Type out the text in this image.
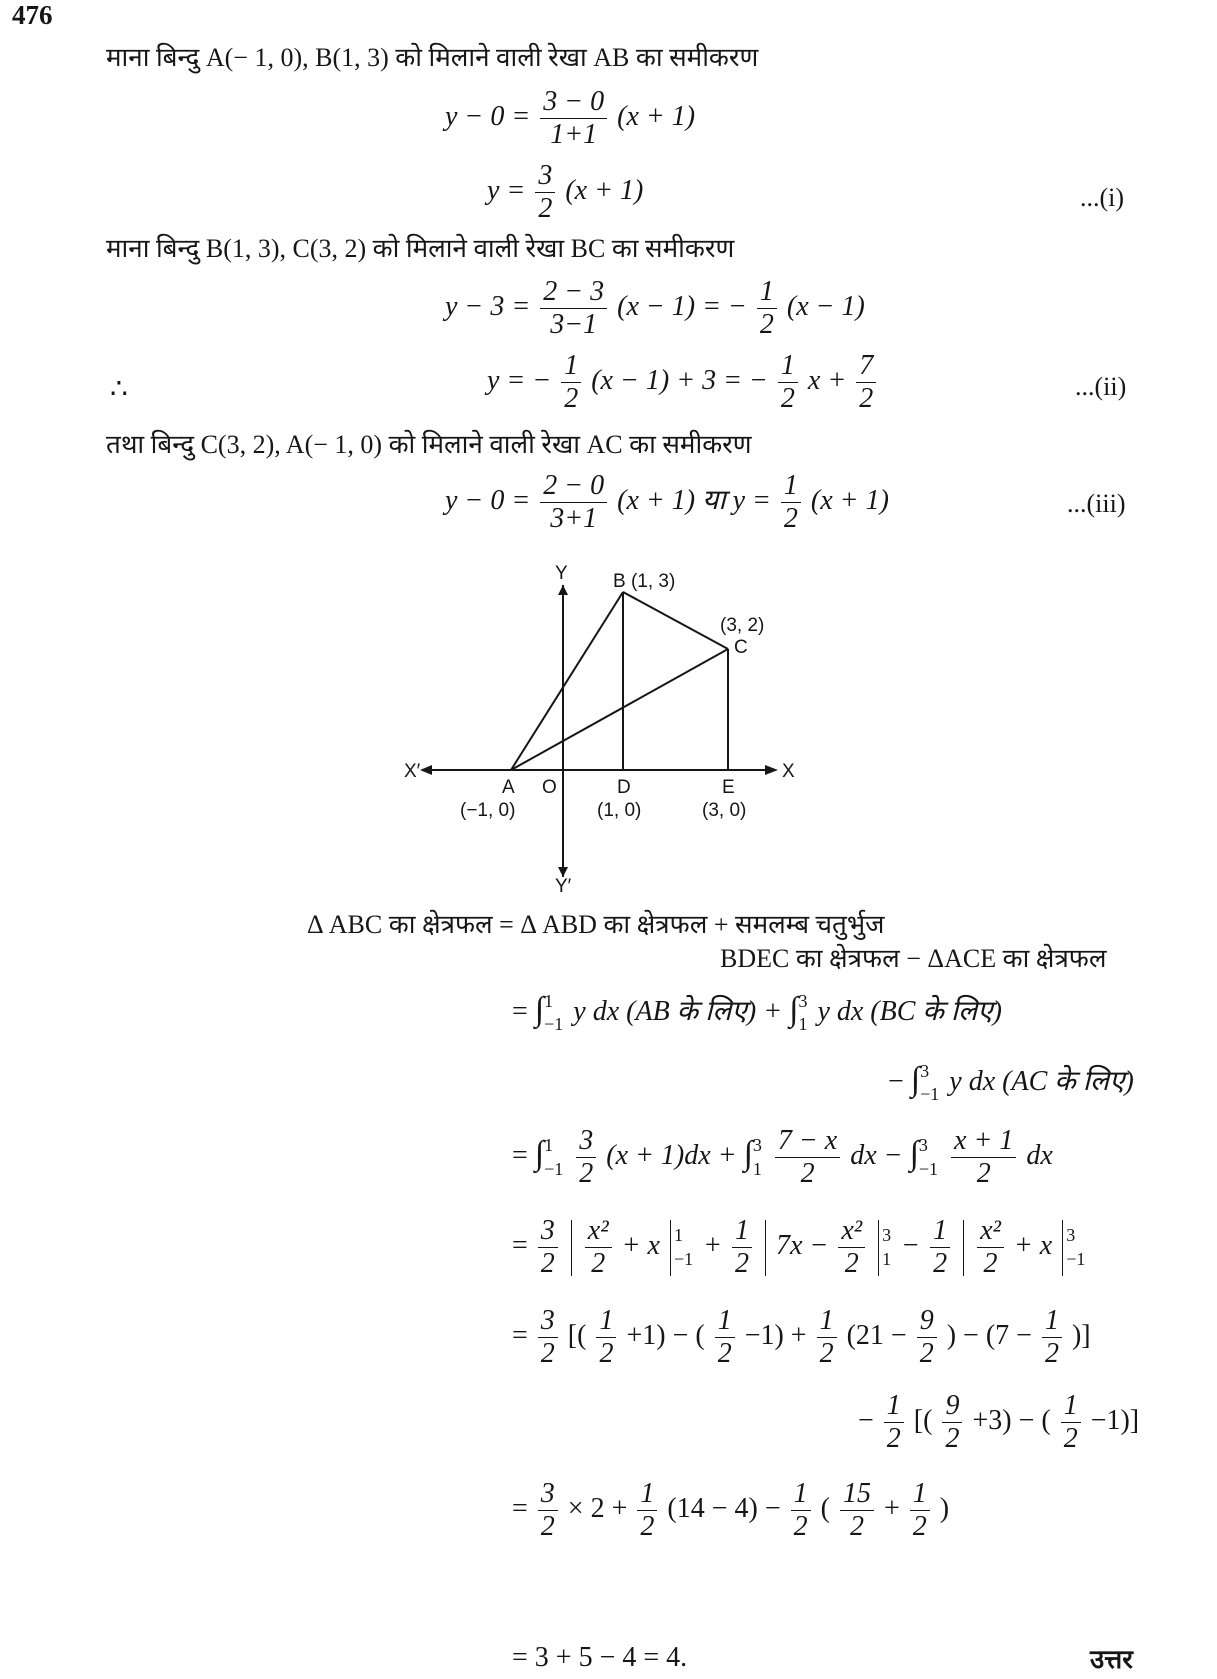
476
माना बिन्दु A(− 1, 0), B(1, 3) को मिलाने वाली रेखा AB का समीकरण
$y - 0 = \frac{3 - 0}{1+1} (x + 1)$
$y = \frac{3}{2} (x + 1)$	...(i)
माना बिन्दु B(1, 3), C(3, 2) को मिलाने वाली रेखा BC का समीकरण
$y - 3 = \frac{2 - 3}{3-1} (x - 1)$ = − $\frac{1}{2} (x - 1)$
∴	y = − $\frac{1}{2} (x - 1) + 3$ = − $\frac{1}{2}$ $x + \frac{7}{2}$	...(ii)
तथा बिन्दु C(3, 2), A(− 1, 0) को मिलाने वाली रेखा AC का समीकरण
$y - 0 = \frac{2 - 0}{3+1} (x + 1)$ या $y = \frac{1}{2} (x + 1)$	...(iii)
Y
Y′
X
X′
O
A
(−1, 0)
B (1, 3)
C
(3, 2)
D
(1, 0)
E
(3, 0)
Δ ABC का क्षेत्रफल = Δ ABD का क्षेत्रफल + समलम्ब चतुर्भुज
BDEC का क्षेत्रफल − ΔACE का क्षेत्रफल
= ∫ 1
−1 y dx (AB के लिए) + ∫ 3
1 y dx (BC के लिए)
− ∫ 3
−1 y dx (AC के लिए)
= ∫ 1
−1
$\frac{3}{2} (x + 1)dx$ + ∫ 3
1
$\frac{7 - x}{2}$ dx − ∫ 3
−1
$\frac{x + 1}{2}$ dx
= $\frac{3}{2}$
$\frac{\text{x²}}{2} + x$ 1
$-1 + \frac{1}{2} 7x - \frac{\text{x²}}{2}$
3
$1 - \frac{1}{2}$
$\frac{\text{x²}}{2} + x$ 3
−1
= $\frac{3}{2}$ [( $\frac{1}{2} +1$) − ( $\frac{1}{2} -1) + \frac{1}{2} (21 - \frac{9}{2}$ ) − ($7 - \frac{1}{2}$ )]
− $\frac{1}{2}$ [( $\frac{9}{2} +3$) − ( $\frac{1}{2} -1$)]
= $\frac{3}{2} \times 2 + \frac{1}{2} (14 - 4) - \frac{1}{2}$ ( $\frac{15}{2} + \frac{1}{2}$ )
= 3 + 5 − 4 = 4.	उत्तर
